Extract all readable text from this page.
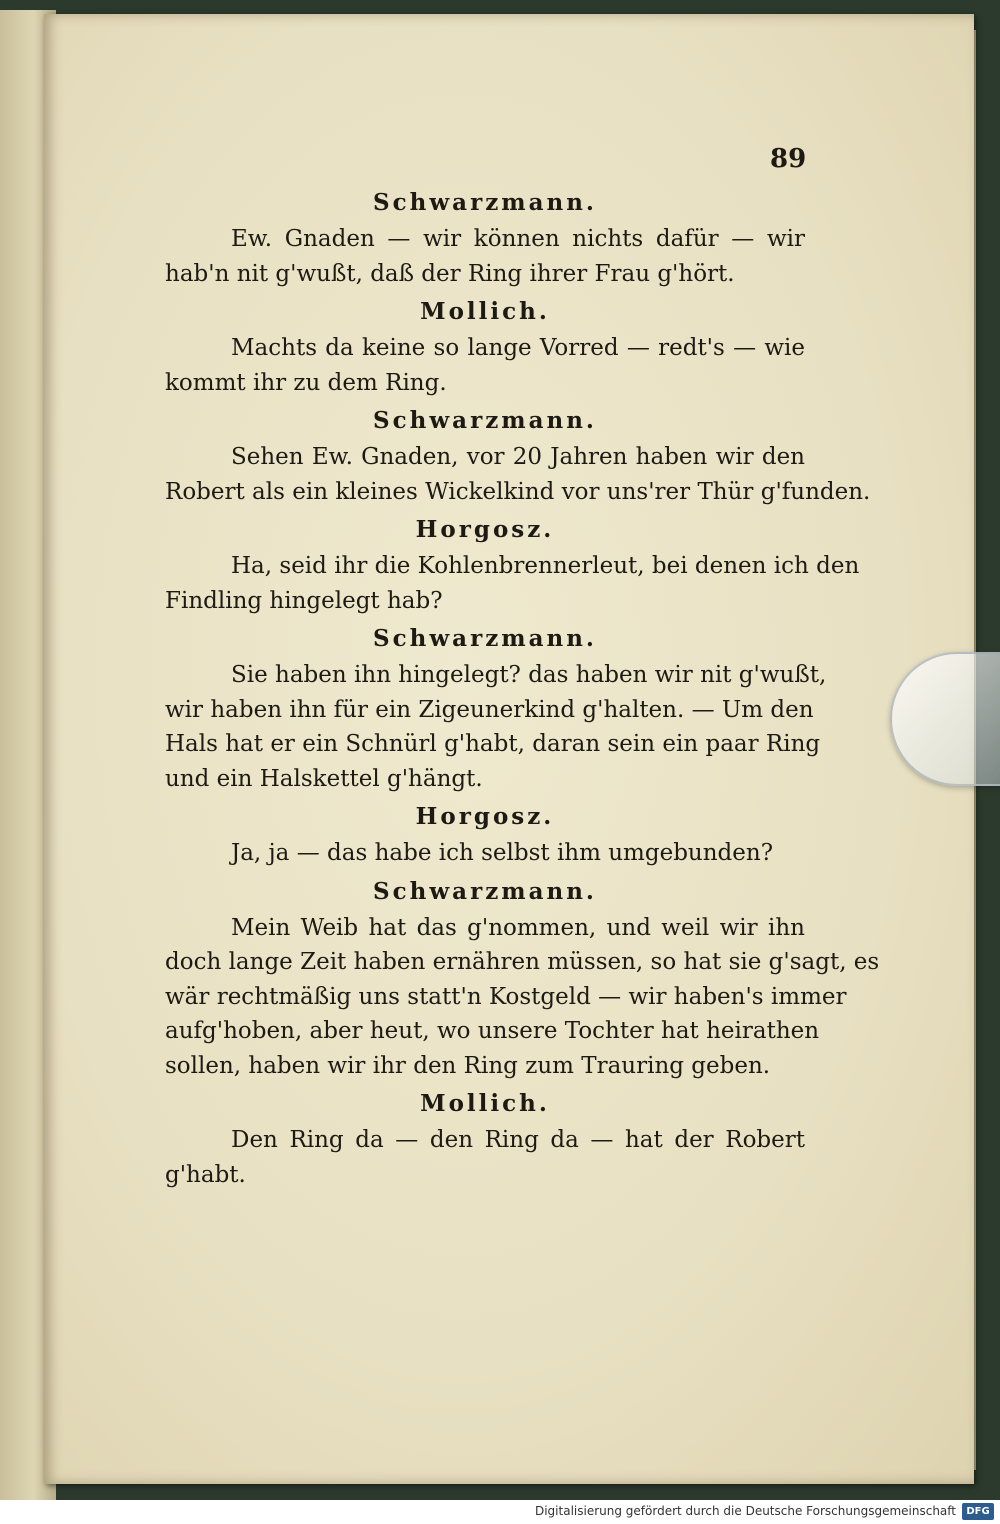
89
Schwarzmann.
Ew. Gnaden — wir können nichts dafür — wir
hab'n nit g'wußt, daß der Ring ihrer Frau g'hört.
Mollich.
Machts da keine so lange Vorred — redt's — wie
kommt ihr zu dem Ring.
Schwarzmann.
Sehen Ew. Gnaden, vor 20 Jahren haben wir den
Robert als ein kleines Wickelkind vor uns'rer Thür g'funden.
Horgosz.
Ha, seid ihr die Kohlenbrennerleut, bei denen ich den
Findling hingelegt hab?
Schwarzmann.
Sie haben ihn hingelegt? das haben wir nit g'wußt,
wir haben ihn für ein Zigeunerkind g'halten. — Um den
Hals hat er ein Schnürl g'habt, daran sein ein paar Ring
und ein Halskettel g'hängt.
Horgosz.
Ja, ja — das habe ich selbst ihm umgebunden?
Schwarzmann.
Mein Weib hat das g'nommen, und weil wir ihn
doch lange Zeit haben ernähren müssen, so hat sie g'sagt, es
wär rechtmäßig uns statt'n Kostgeld — wir haben's immer
aufg'hoben, aber heut, wo unsere Tochter hat heirathen
sollen, haben wir ihr den Ring zum Trauring geben.
Mollich.
Den Ring da — den Ring da — hat der Robert
g'habt.
Digitalisierung gefördert durch die Deutsche Forschungsgemeinschaft	DFG
